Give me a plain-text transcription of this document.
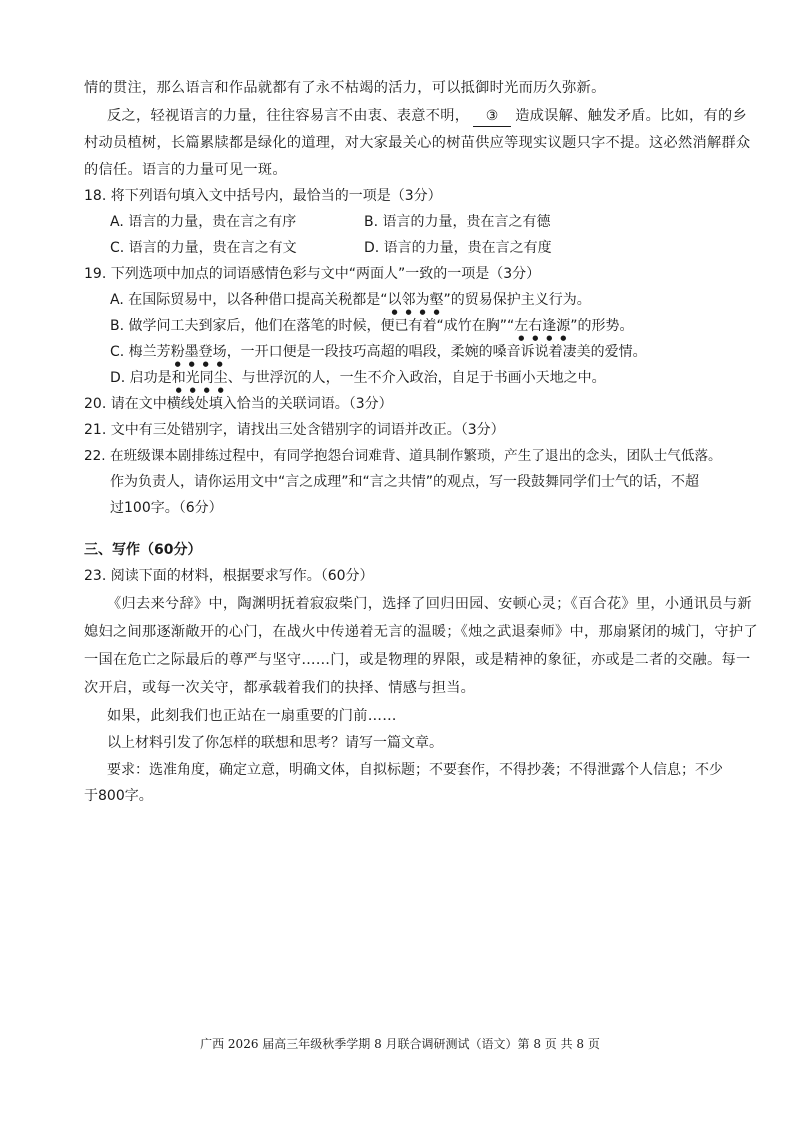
情的贯注，那么语言和作品就都有了永不枯竭的活力，可以抵御时光而历久弥新。
反之，轻视语言的力量，往往容易言不由衷、表意不明， ③ 造成误解、触发矛盾。比如，有的乡
村动员植树，长篇累牍都是绿化的道理，对大家最关心的树苗供应等现实议题只字不提。这必然消解群众
的信任。语言的力量可见一斑。
18. 将下列语句填入文中括号内，最恰当的一项是（3分）
A. 语言的力量，贵在言之有序	B. 语言的力量，贵在言之有德
C. 语言的力量，贵在言之有文	D. 语言的力量，贵在言之有度
19. 下列选项中加点的词语感情色彩与文中“两面人”一致的一项是（3分）
A. 在国际贸易中，以各种借口提高关税都是“以邻为壑”的贸易保护主义行为。
B. 做学问工夫到家后，他们在落笔的时候，便已有着“成竹在胸”“左右逢源”的形势。
C. 梅兰芳粉墨登场，一开口便是一段技巧高超的唱段，柔婉的嗓音诉说着凄美的爱情。
D. 启功是和光同尘、与世浮沉的人，一生不介入政治，自足于书画小天地之中。
20. 请在文中横线处填入恰当的关联词语。（3分）
21. 文中有三处错别字，请找出三处含错别字的词语并改正。（3分）
22. 在班级课本剧排练过程中，有同学抱怨台词难背、道具制作繁琐，产生了退出的念头，团队士气低落。
作为负责人，请你运用文中“言之成理”和“言之共情”的观点，写一段鼓舞同学们士气的话，不超
过100字。（6分）
三、写作（60分）
23. 阅读下面的材料，根据要求写作。（60分）
《归去来兮辞》中，陶渊明抚着寂寂柴门，选择了回归田园、安顿心灵；《百合花》里，小通讯员与新
媳妇之间那逐渐敞开的心门，在战火中传递着无言的温暖；《烛之武退秦师》中，那扇紧闭的城门，守护了
一国在危亡之际最后的尊严与坚守……门，或是物理的界限，或是精神的象征，亦或是二者的交融。每一
次开启，或每一次关守，都承载着我们的抉择、情感与担当。
如果，此刻我们也正站在一扇重要的门前……
以上材料引发了你怎样的联想和思考？请写一篇文章。
要求：选准角度，确定立意，明确文体，自拟标题；不要套作，不得抄袭；不得泄露个人信息；不少
于800字。
广西 2026 届高三年级秋季学期 8 月联合调研测试（语文）第 8 页 共 8 页
